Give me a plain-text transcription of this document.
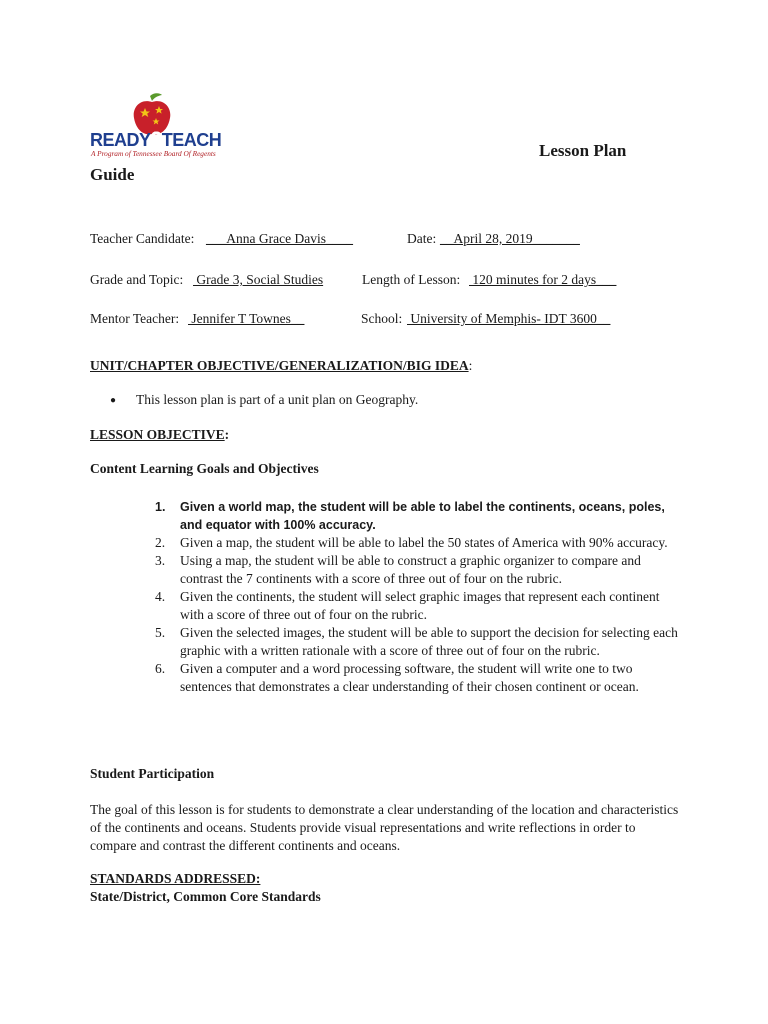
READY2TEACH
A Program of Tennessee Board Of Regents	Lesson Plan
Guide
Teacher Candidate: ___Anna Grace Davis____	Date: __April 28, 2019_______
Grade and Topic: Grade 3, Social Studies	Length of Lesson: 120 minutes for 2 days___
Mentor Teacher: Jennifer T Townes__	School: University of Memphis- IDT 3600__
UNIT/CHAPTER OBJECTIVE/GENERALIZATION/BIG IDEA:
● This lesson plan is part of a unit plan on Geography.
LESSON OBJECTIVE:
Content Learning Goals and Objectives
1. Given a world map, the student will be able to label the continents, oceans, poles, and equator with 100% accuracy.
2. Given a map, the student will be able to label the 50 states of America with 90% accuracy.
3. Using a map, the student will be able to construct a graphic organizer to compare and contrast the 7 continents with a score of three out of four on the rubric.
4. Given the continents, the student will select graphic images that represent each continent with a score of three out of four on the rubric.
5. Given the selected images, the student will be able to support the decision for selecting each graphic with a written rationale with a score of three out of four on the rubric.
6. Given a computer and a word processing software, the student will write one to two sentences that demonstrates a clear understanding of their chosen continent or ocean.
Student Participation

The goal of this lesson is for students to demonstrate a clear understanding of the location and characteristics of the continents and oceans. Students provide visual representations and write reflections in order to compare and contrast the different continents and oceans.

STANDARDS ADDRESSED:
State/District, Common Core Standards
